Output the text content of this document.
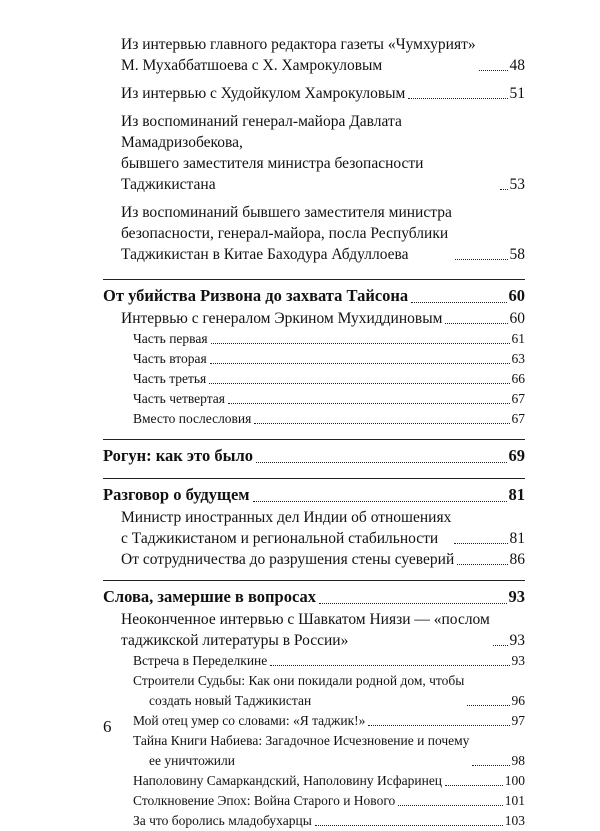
Из интервью главного редактора газеты «Чумхурият»
М. Мухаббатшоева с Х. Хамрокуловым	48
Из интервью с Худойкулом Хамрокуловым	51
Из воспоминаний генерал-майора Давлата Мамадризобекова,
бывшего заместителя министра безопасности
Таджикистана	53
Из воспоминаний бывшего заместителя министра
безопасности, генерал-майора, посла Республики
Таджикистан в Китае Баходура Абдуллоева	58
От убийства Ризвона до захвата Тайсона	60
Интервью с генералом Эркином Мухиддиновым	60
Часть первая	61
Часть вторая	63
Часть третья	66
Часть четвертая	67
Вместо послесловия	67
Рогун: как это было	69
Разговор о будущем	81
Министр иностранных дел Индии об отношениях
с Таджикистаном и региональной стабильности	81
От сотрудничества до разрушения стены суеверий	86
Слова, замершие в вопросах	93
Неоконченное интервью с Шавкатом Ниязи — «послом
таджикской литературы в России»	93
Встреча в Переделкине	93
Строители Судьбы: Как они покидали родной дом, чтобы
создать новый Таджикистан	96
Мой отец умер со словами: «Я таджик!»	97
Тайна Книги Набиева: Загадочное Исчезновение и почему
ее уничтожили	98
Наполовину Самаркандский, Наполовину Исфаринец	100
Столкновение Эпох: Война Старого и Нового	101
За что боролись младобухарцы	103
6
